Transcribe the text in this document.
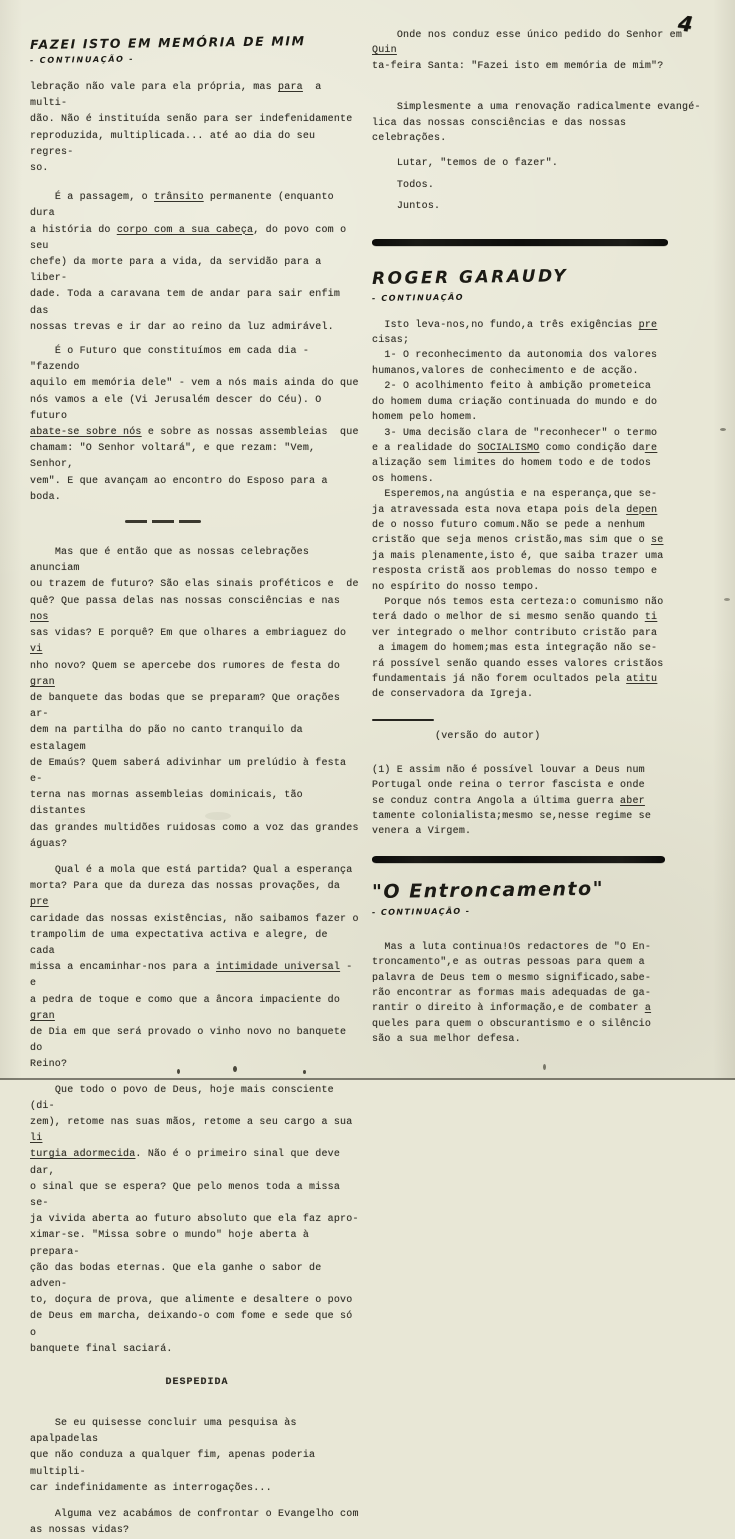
4
FAZEI ISTO EM MEMÓRIA DE MIM
- CONTINUAÇÃO -
lebração não vale para ela própria, mas para  a multi-
dão. Não é instituída senão para ser indefenidamente
reproduzida, multiplicada... até ao dia do seu regres-
so.
É a passagem, o trânsito permanente (enquanto dura
a história do corpo com a sua cabeça, do povo com o seu
chefe) da morte para a vida, da servidão para a liber-
dade. Toda a caravana tem de andar para sair enfim das
nossas trevas e ir dar ao reino da luz admirável.
É o Futuro que constituímos em cada dia - "fazendo
aquilo em memória dele" - vem a nós mais ainda do que
nós vamos a ele (Vi Jerusalém descer do Céu). O futuro
abate-se sobre nós e sobre as nossas assembleias  que
chamam: "O Senhor voltará", e que rezam: "Vem, Senhor,
vem". E que avançam ao encontro do Esposo para a boda.
Mas que é então que as nossas celebrações anunciam
ou trazem de futuro? São elas sinais proféticos e  de
quê? Que passa delas nas nossas consciências e nas nos
sas vidas? E porquê? Em que olhares a embriaguez do vi
nho novo? Quem se apercebe dos rumores de festa do gran
de banquete das bodas que se preparam? Que orações ar-
dem na partilha do pão no canto tranquilo da estalagem
de Emaús? Quem saberá adivinhar um prelúdio à festa e-
terna nas mornas assembleias dominicais, tão distantes
das grandes multidões ruidosas como a voz das grandes
águas?
Qual é a mola que está partida? Qual a esperança
morta? Para que da dureza das nossas provações, da pre
caridade das nossas existências, não saibamos fazer o
trampolim de uma expectativa activa e alegre, de  cada
missa a encaminhar-nos para a intimidade universal - e
a pedra de toque e como que a âncora impaciente do gran
de Dia em que será provado o vinho novo no banquete do
Reino?
Que todo o povo de Deus, hoje mais consciente (di-
zem), retome nas suas mãos, retome a seu cargo a sua li
turgia adormecida. Não é o primeiro sinal que deve dar,
o sinal que se espera? Que pelo menos toda a missa se-
ja vivida aberta ao futuro absoluto que ela faz apro-
ximar-se. "Missa sobre o mundo" hoje aberta à prepara-
ção das bodas eternas. Que ela ganhe o sabor de adven-
to, doçura de prova, que alimente e desaltere o povo
de Deus em marcha, deixando-o com fome e sede que só o
banquete final saciará.
DESPEDIDA
Se eu quisesse concluir uma pesquisa às apalpadelas
que não conduza a qualquer fim, apenas poderia multipli-
car indefinidamente as interrogações...
Alguma vez acabámos de confrontar o Evangelho com
as nossas vidas?
Onde nos conduz esse único pedido do Senhor em Quin
ta-feira Santa: "Fazei isto em memória de mim"?
Simplesmente a uma renovação radicalmente evangé-
lica das nossas consciências e das nossas celebrações.
Lutar, "temos de o fazer".
Todos.
Juntos.
ROGER GARAUDY
- CONTINUAÇÃO
Isto leva-nos,no fundo,a três exigências pre
cisas;
1- O reconhecimento da autonomia dos valores
humanos,valores de conhecimento e de acção.
2- O acolhimento feito à ambição prometeica
do homem duma criação continuada do mundo e do
homem pelo homem.
3- Uma decisão clara de "reconhecer" o termo
e a realidade do SOCIALISMO como condição dare
alização sem limites do homem todo e de todos
os homens.
Esperemos,na angústia e na esperança,que se-
ja atravessada esta nova etapa pois dela depen
de o nosso futuro comum.Não se pede a nenhum
cristão que seja menos cristão,mas sim que o se
ja mais plenamente,isto é, que saiba trazer uma
resposta cristã aos problemas do nosso tempo e
no espírito do nosso tempo.
Porque nós temos esta certeza:o comunismo não
terá dado o melhor de si mesmo senão quando ti
ver integrado o melhor contributo cristão para
a imagem do homem;mas esta integração não se-
rá possível senão quando esses valores cristãos
fundamentais já não forem ocultados pela atitu
de conservadora da Igreja.
(versão do autor)
(1) E assim não é possível louvar a Deus num
Portugal onde reina o terror fascista e onde
se conduz contra Angola a última guerra aber
tamente colonialista;mesmo se,nesse regime se
venera a Virgem.
"O Entroncamento"
- CONTINUAÇÃO -
Mas a luta continua!Os redactores de "O En-
troncamento",e as outras pessoas para quem a
palavra de Deus tem o mesmo significado,sabe-
rão encontrar as formas mais adequadas de ga-
rantir o direito à informação,e de combater a
queles para quem o obscurantismo e o silêncio
são a sua melhor defesa.
